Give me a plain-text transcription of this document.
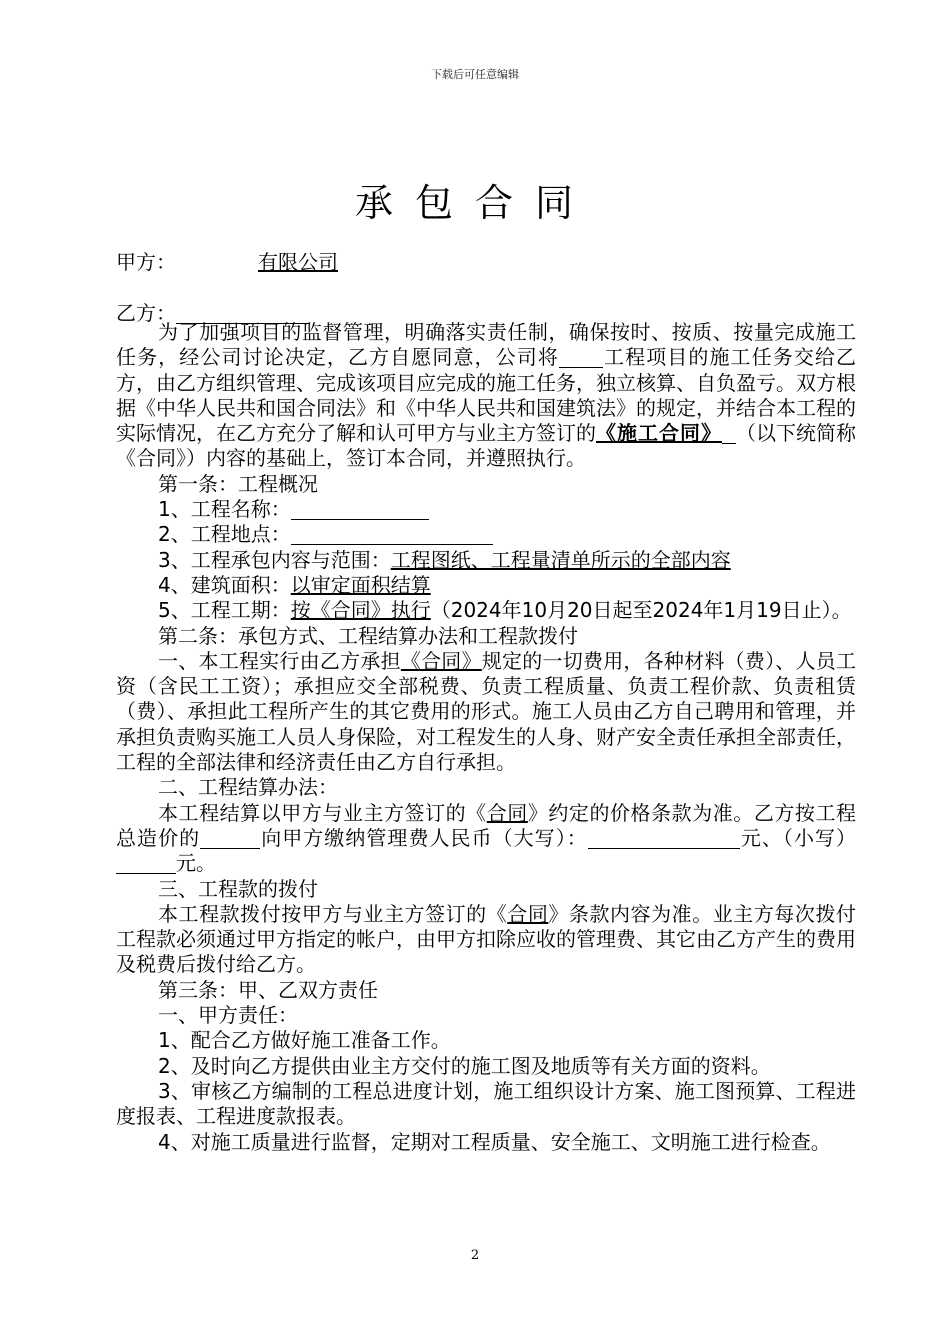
下载后可任意编辑
承包合同
甲方：	有限公司
乙方：

为了加强项目的监督管理，明确落实责任制，确保按时、按质、按量完成施工任务，经公司讨论决定，乙方自愿同意，公司将 工程项目的施工任务交给乙方，由乙方组织管理、完成该项目应完成的施工任务，独立核算、自负盈亏。双方根据《中华人民共和国合同法》和《中华人民共和国建筑法》的规定，并结合本工程的实际情况，在乙方充分了解和认可甲方与业主方签订的《施工合同》 （以下统简称《合同》）内容的基础上，签订本合同，并遵照执行。

第一条：工程概况

1、工程名称：

2、工程地点：

3、工程承包内容与范围：工程图纸、工程量清单所示的全部内容

4、建筑面积：以审定面积结算

5、工程工期：按《合同》执行（2024年10月20日起至2024年1月19日止）。

第二条：承包方式、工程结算办法和工程款拨付

一、本工程实行由乙方承担《合同》规定的一切费用，各种材料（费）、人员工资（含民工工资）；承担应交全部税费、负责工程质量、负责工程价款、负责租赁（费）、承担此工程所产生的其它费用的形式。施工人员由乙方自己聘用和管理，并承担负责购买施工人员人身保险，对工程发生的人身、财产安全责任承担全部责任，工程的全部法律和经济责任由乙方自行承担。

二、工程结算办法：

本工程结算以甲方与业主方签订的《合同》约定的价格条款为准。乙方按工程总造价的	向甲方缴纳管理费人民币（大写）：	元、（小写）元。

三、工程款的拨付

本工程款拨付按甲方与业主方签订的《合同》条款内容为准。业主方每次拨付工程款必须通过甲方指定的帐户，由甲方扣除应收的管理费、其它由乙方产生的费用及税费后拨付给乙方。

第三条：甲、乙双方责任

一、甲方责任：

1、配合乙方做好施工准备工作。

2、及时向乙方提供由业主方交付的施工图及地质等有关方面的资料。

3、审核乙方编制的工程总进度计划，施工组织设计方案、施工图预算、工程进度报表、工程进度款报表。

4、对施工质量进行监督，定期对工程质量、安全施工、文明施工进行检查。

2
